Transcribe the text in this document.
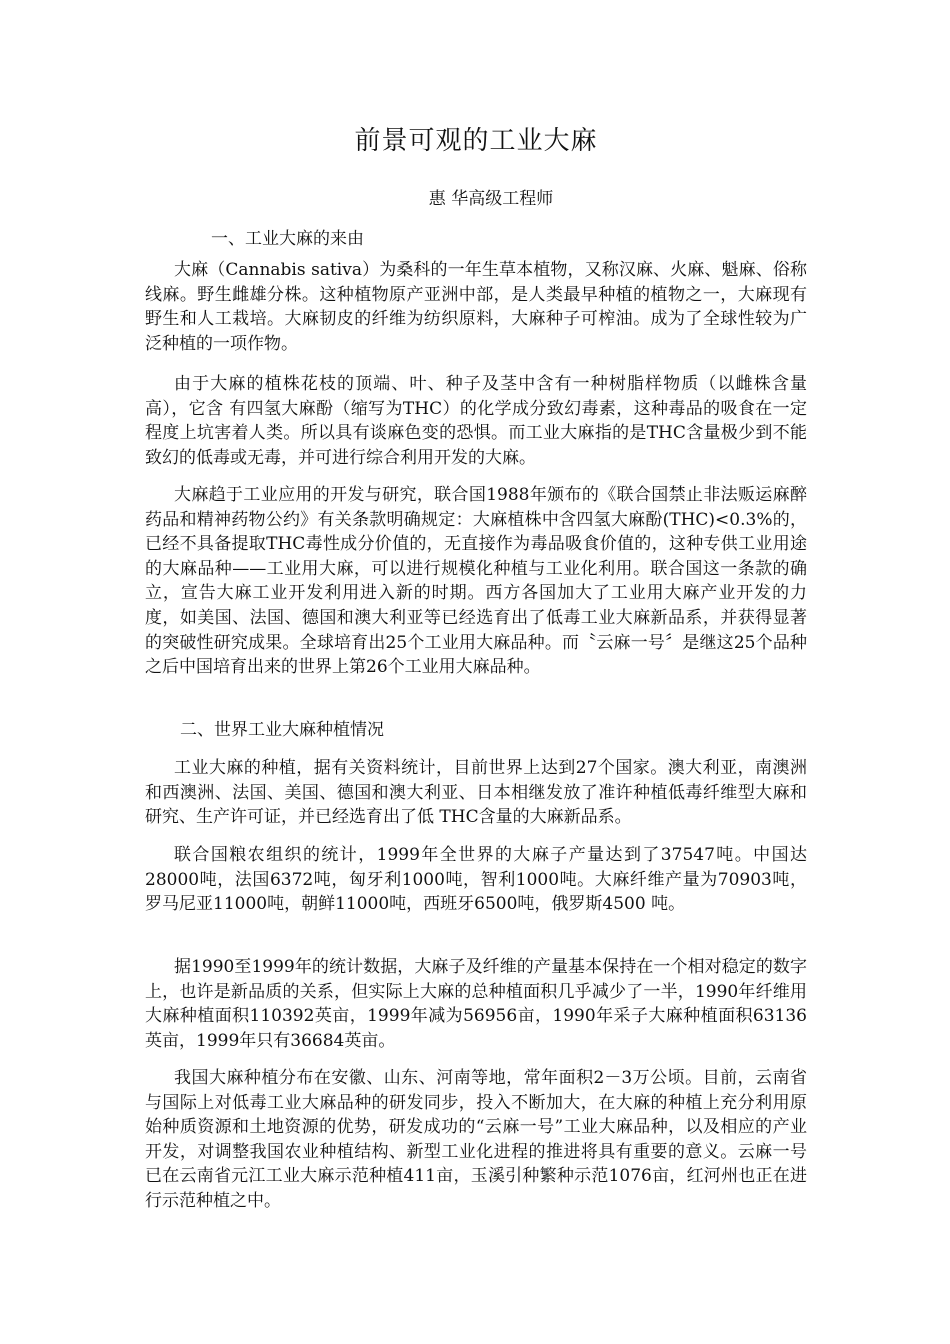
前景可观的工业大麻
惠 华高级工程师
一、工业大麻的来由

大麻（Cannabis sativa）为桑科的一年生草本植物，又称汉麻、火麻、魁麻、俗称线麻。野生雌雄分株。这种植物原产亚洲中部，是人类最早种植的植物之一，大麻现有野生和人工栽培。大麻韧皮的纤维为纺织原料，大麻种子可榨油。成为了全球性较为广泛种植的一项作物。

由于大麻的植株花枝的顶端、叶、种子及茎中含有一种树脂样物质（以雌株含量高），它含 有四氢大麻酚（缩写为THC）的化学成分致幻毒素，这种毒品的吸食在一定程度上坑害着人类。所以具有谈麻色变的恐惧。而工业大麻指的是THC含量极少到不能致幻的低毒或无毒，并可进行综合利用开发的大麻。

大麻趋于工业应用的开发与研究，联合国1988年颁布的《联合国禁止非法贩运麻醉药品和精神药物公约》有关条款明确规定：大麻植株中含四氢大麻酚(THC)<0.3%的，已经不具备提取THC毒性成分价值的，无直接作为毒品吸食价值的，这种专供工业用途的大麻品种——工业用大麻，可以进行规模化种植与工业化利用。联合国这一条款的确立，宣告大麻工业开发利用进入新的时期。西方各国加大了工业用大麻产业开发的力度，如美国、法国、德国和澳大利亚等已经选育出了低毒工业大麻新品系，并获得显著的突破性研究成果。全球培育出25个工业用大麻品种。而〝云麻一号〞是继这25个品种之后中国培育出来的世界上第26个工业用大麻品种。

二、世界工业大麻种植情况

工业大麻的种植，据有关资料统计，目前世界上达到27个国家。澳大利亚，南澳洲和西澳洲、法国、美国、德国和澳大利亚、日本相继发放了准许种植低毒纤维型大麻和研究、生产许可证，并已经选育出了低 THC含量的大麻新品系。

联合国粮农组织的统计，1999年全世界的大麻子产量达到了37547吨。中国达28000吨，法国6372吨，匈牙利1000吨，智利1000吨。大麻纤维产量为70903吨，罗马尼亚11000吨，朝鲜11000吨，西班牙6500吨，俄罗斯4500 吨。

据1990至1999年的统计数据，大麻子及纤维的产量基本保持在一个相对稳定的数字上，也许是新品质的关系，但实际上大麻的总种植面积几乎减少了一半，1990年纤维用大麻种植面积110392英亩，1999年减为56956亩，1990年采子大麻种植面积63136英亩，1999年只有36684英亩。

我国大麻种植分布在安徽、山东、河南等地，常年面积2－3万公顷。目前，云南省与国际上对低毒工业大麻品种的研发同步，投入不断加大，在大麻的种植上充分利用原始种质资源和土地资源的优势，研发成功的“云麻一号”工业大麻品种，以及相应的产业开发，对调整我国农业种植结构、新型工业化进程的推进将具有重要的意义。云麻一号已在云南省元江工业大麻示范种植411亩，玉溪引种繁种示范1076亩，红河州也正在进行示范种植之中。
